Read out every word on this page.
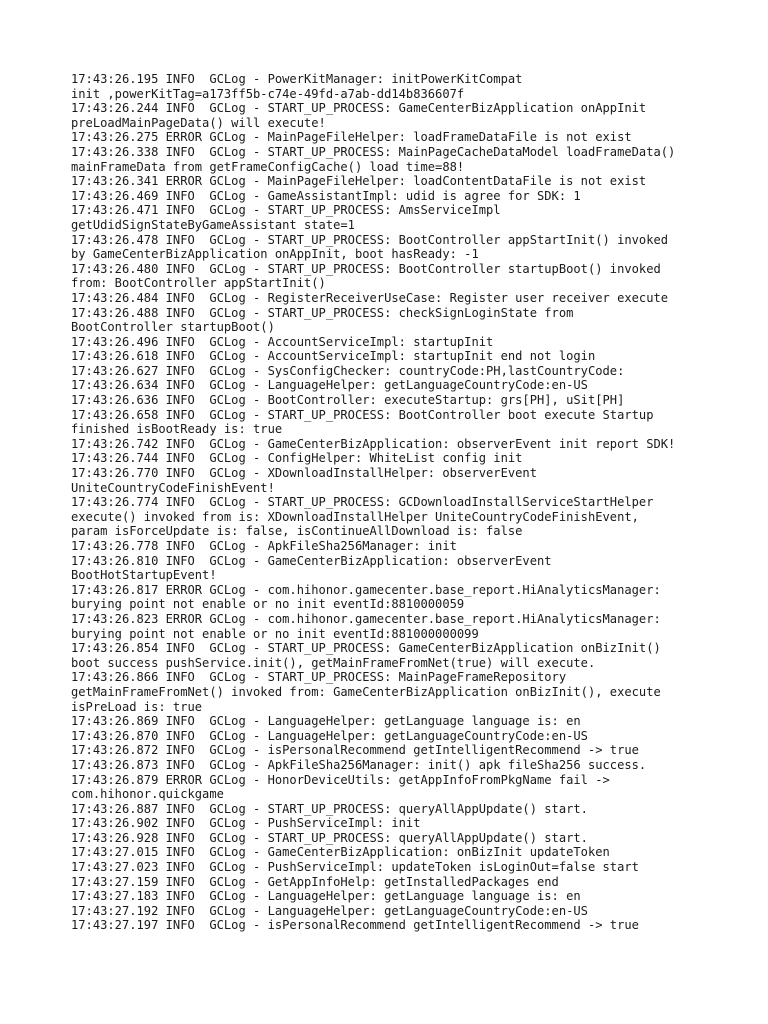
17:43:26.195 INFO  GCLog - PowerKitManager: initPowerKitCompat
init ,powerKitTag=a173ff5b-c74e-49fd-a7ab-dd14b836607f
17:43:26.244 INFO  GCLog - START_UP_PROCESS: GameCenterBizApplication onAppInit
preLoadMainPageData() will execute!
17:43:26.275 ERROR GCLog - MainPageFileHelper: loadFrameDataFile is not exist
17:43:26.338 INFO  GCLog - START_UP_PROCESS: MainPageCacheDataModel loadFrameData()
mainFrameData from getFrameConfigCache() load time=88!
17:43:26.341 ERROR GCLog - MainPageFileHelper: loadContentDataFile is not exist
17:43:26.469 INFO  GCLog - GameAssistantImpl: udid is agree for SDK: 1
17:43:26.471 INFO  GCLog - START_UP_PROCESS: AmsServiceImpl
getUdidSignStateByGameAssistant state=1
17:43:26.478 INFO  GCLog - START_UP_PROCESS: BootController appStartInit() invoked
by GameCenterBizApplication onAppInit, boot hasReady: -1
17:43:26.480 INFO  GCLog - START_UP_PROCESS: BootController startupBoot() invoked
from: BootController appStartInit()
17:43:26.484 INFO  GCLog - RegisterReceiverUseCase: Register user receiver execute
17:43:26.488 INFO  GCLog - START_UP_PROCESS: checkSignLoginState from
BootController startupBoot()
17:43:26.496 INFO  GCLog - AccountServiceImpl: startupInit
17:43:26.618 INFO  GCLog - AccountServiceImpl: startupInit end not login
17:43:26.627 INFO  GCLog - SysConfigChecker: countryCode:PH,lastCountryCode:
17:43:26.634 INFO  GCLog - LanguageHelper: getLanguageCountryCode:en-US
17:43:26.636 INFO  GCLog - BootController: executeStartup: grs[PH], uSit[PH]
17:43:26.658 INFO  GCLog - START_UP_PROCESS: BootController boot execute Startup
finished isBootReady is: true
17:43:26.742 INFO  GCLog - GameCenterBizApplication: observerEvent init report SDK!
17:43:26.744 INFO  GCLog - ConfigHelper: WhiteList config init
17:43:26.770 INFO  GCLog - XDownloadInstallHelper: observerEvent
UniteCountryCodeFinishEvent!
17:43:26.774 INFO  GCLog - START_UP_PROCESS: GCDownloadInstallServiceStartHelper
execute() invoked from is: XDownloadInstallHelper UniteCountryCodeFinishEvent,
param isForceUpdate is: false, isContinueAllDownload is: false
17:43:26.778 INFO  GCLog - ApkFileSha256Manager: init
17:43:26.810 INFO  GCLog - GameCenterBizApplication: observerEvent
BootHotStartupEvent!
17:43:26.817 ERROR GCLog - com.hihonor.gamecenter.base_report.HiAnalyticsManager:
burying point not enable or no init eventId:8810000059
17:43:26.823 ERROR GCLog - com.hihonor.gamecenter.base_report.HiAnalyticsManager:
burying point not enable or no init eventId:881000000099
17:43:26.854 INFO  GCLog - START_UP_PROCESS: GameCenterBizApplication onBizInit()
boot success pushService.init(), getMainFrameFromNet(true) will execute.
17:43:26.866 INFO  GCLog - START_UP_PROCESS: MainPageFrameRepository
getMainFrameFromNet() invoked from: GameCenterBizApplication onBizInit(), execute
isPreLoad is: true
17:43:26.869 INFO  GCLog - LanguageHelper: getLanguage language is: en
17:43:26.870 INFO  GCLog - LanguageHelper: getLanguageCountryCode:en-US
17:43:26.872 INFO  GCLog - isPersonalRecommend getIntelligentRecommend -> true
17:43:26.873 INFO  GCLog - ApkFileSha256Manager: init() apk fileSha256 success.
17:43:26.879 ERROR GCLog - HonorDeviceUtils: getAppInfoFromPkgName fail ->
com.hihonor.quickgame
17:43:26.887 INFO  GCLog - START_UP_PROCESS: queryAllAppUpdate() start.
17:43:26.902 INFO  GCLog - PushServiceImpl: init
17:43:26.928 INFO  GCLog - START_UP_PROCESS: queryAllAppUpdate() start.
17:43:27.015 INFO  GCLog - GameCenterBizApplication: onBizInit updateToken
17:43:27.023 INFO  GCLog - PushServiceImpl: updateToken isLoginOut=false start
17:43:27.159 INFO  GCLog - GetAppInfoHelp: getInstalledPackages end
17:43:27.183 INFO  GCLog - LanguageHelper: getLanguage language is: en
17:43:27.192 INFO  GCLog - LanguageHelper: getLanguageCountryCode:en-US
17:43:27.197 INFO  GCLog - isPersonalRecommend getIntelligentRecommend -> true
